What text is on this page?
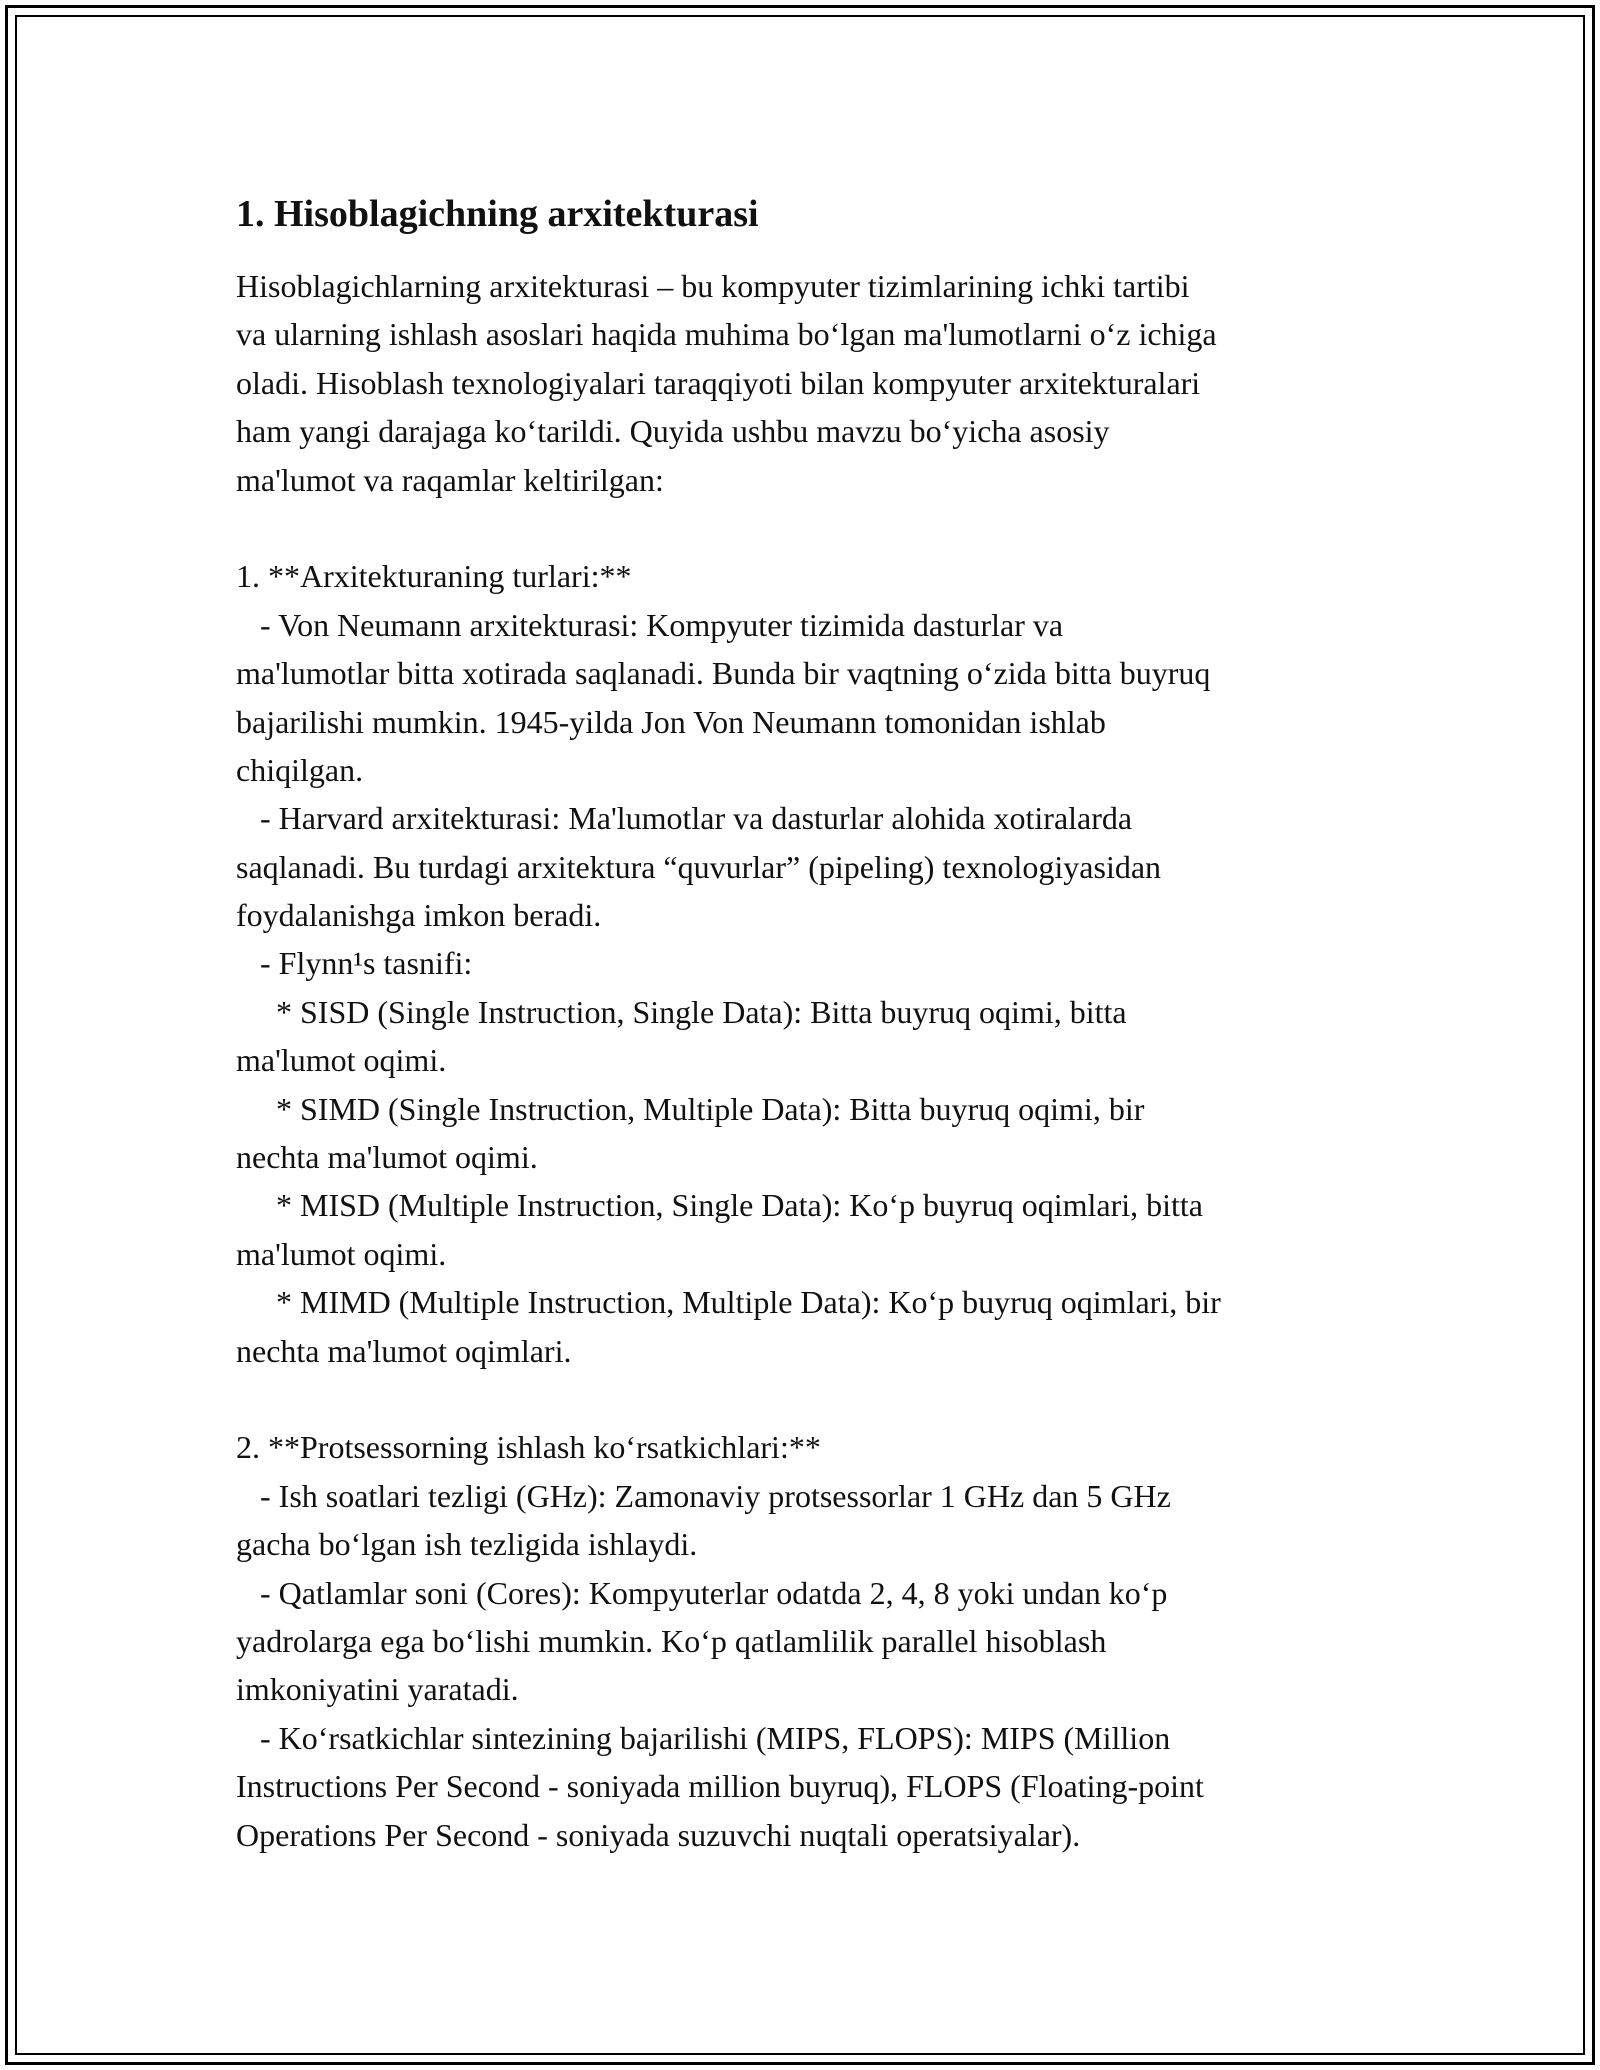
1. Hisoblagichning arxitekturasi
Hisoblagichlarning arxitekturasi – bu kompyuter tizimlarining ichki tartibi
va ularning ishlash asoslari haqida muhima bo‘lgan ma'lumotlarni o‘z ichiga
oladi. Hisoblash texnologiyalari taraqqiyoti bilan kompyuter arxitekturalari
ham yangi darajaga ko‘tarildi. Quyida ushbu mavzu bo‘yicha asosiy
ma'lumot va raqamlar keltirilgan:
1. **Arxitekturaning turlari:**
- Von Neumann arxitekturasi: Kompyuter tizimida dasturlar va
ma'lumotlar bitta xotirada saqlanadi. Bunda bir vaqtning o‘zida bitta buyruq
bajarilishi mumkin. 1945-yilda Jon Von Neumann tomonidan ishlab
chiqilgan.
- Harvard arxitekturasi: Ma'lumotlar va dasturlar alohida xotiralarda
saqlanadi. Bu turdagi arxitektura “quvurlar” (pipeling) texnologiyasidan
foydalanishga imkon beradi.
- Flynn¹s tasnifi:
* SISD (Single Instruction, Single Data): Bitta buyruq oqimi, bitta
ma'lumot oqimi.
* SIMD (Single Instruction, Multiple Data): Bitta buyruq oqimi, bir
nechta ma'lumot oqimi.
* MISD (Multiple Instruction, Single Data): Ko‘p buyruq oqimlari, bitta
ma'lumot oqimi.
* MIMD (Multiple Instruction, Multiple Data): Ko‘p buyruq oqimlari, bir
nechta ma'lumot oqimlari.
2. **Protsessorning ishlash ko‘rsatkichlari:**
- Ish soatlari tezligi (GHz): Zamonaviy protsessorlar 1 GHz dan 5 GHz
gacha bo‘lgan ish tezligida ishlaydi.
- Qatlamlar soni (Cores): Kompyuterlar odatda 2, 4, 8 yoki undan ko‘p
yadrolarga ega bo‘lishi mumkin. Ko‘p qatlamlilik parallel hisoblash
imkoniyatini yaratadi.
- Ko‘rsatkichlar sintezining bajarilishi (MIPS, FLOPS): MIPS (Million
Instructions Per Second - soniyada million buyruq), FLOPS (Floating-point
Operations Per Second - soniyada suzuvchi nuqtali operatsiyalar).
